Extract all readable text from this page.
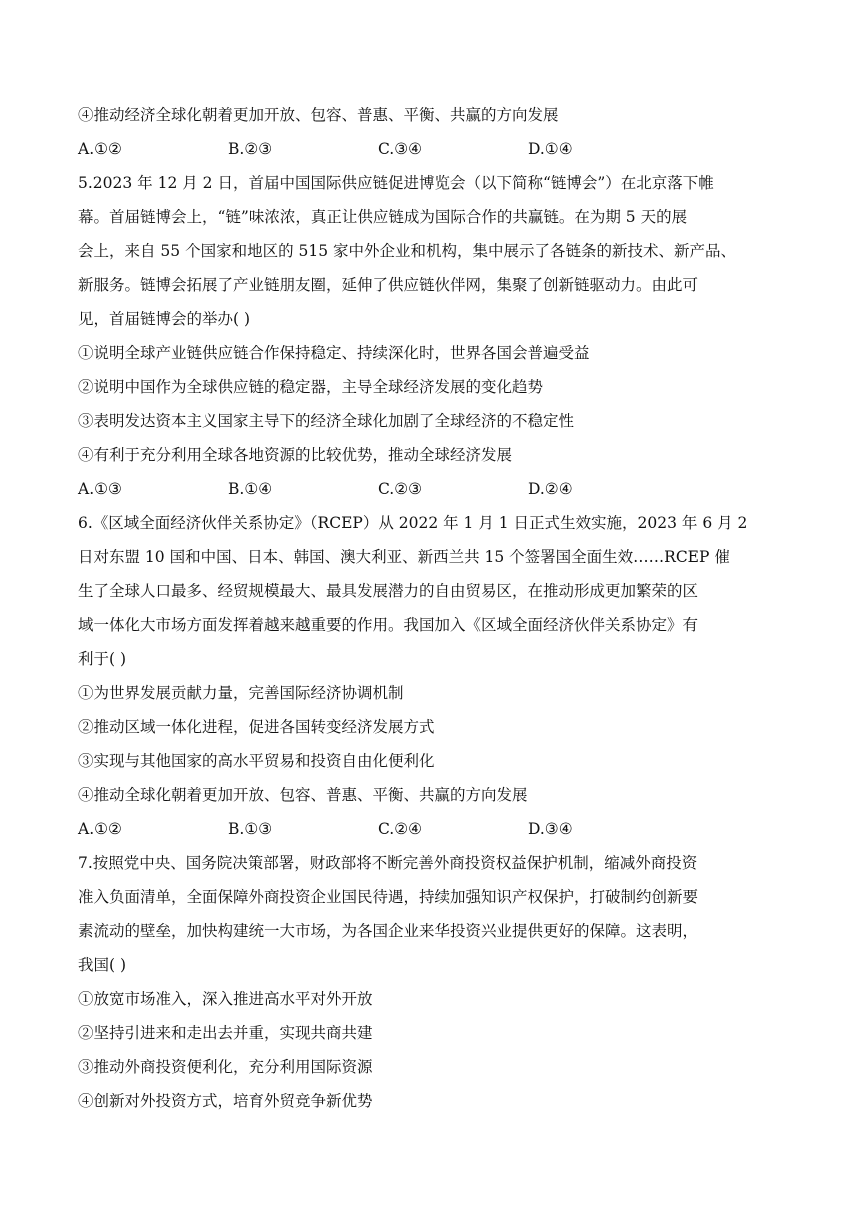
④推动经济全球化朝着更加开放、包容、普惠、平衡、共赢的方向发展
A.①②	B.②③	C.③④	D.①④
5.2023 年 12 月 2 日，首届中国国际供应链促进博览会（以下简称“链博会”）在北京落下帷
幕。首届链博会上，“链”味浓浓，真正让供应链成为国际合作的共赢链。在为期 5 天的展
会上，来自 55 个国家和地区的 515 家中外企业和机构，集中展示了各链条的新技术、新产品、
新服务。链博会拓展了产业链朋友圈，延伸了供应链伙伴网，集聚了创新链驱动力。由此可
见，首届链博会的举办( )
①说明全球产业链供应链合作保持稳定、持续深化时，世界各国会普遍受益
②说明中国作为全球供应链的稳定器，主导全球经济发展的变化趋势
③表明发达资本主义国家主导下的经济全球化加剧了全球经济的不稳定性
④有利于充分利用全球各地资源的比较优势，推动全球经济发展
A.①③	B.①④	C.②③	D.②④
6.《区域全面经济伙伴关系协定》（RCEP）从 2022 年 1 月 1 日正式生效实施，2023 年 6 月 2
日对东盟 10 国和中国、日本、韩国、澳大利亚、新西兰共 15 个签署国全面生效……RCEP 催
生了全球人口最多、经贸规模最大、最具发展潜力的自由贸易区，在推动形成更加繁荣的区
域一体化大市场方面发挥着越来越重要的作用。我国加入《区域全面经济伙伴关系协定》有
利于( )
①为世界发展贡献力量，完善国际经济协调机制
②推动区域一体化进程，促进各国转变经济发展方式
③实现与其他国家的高水平贸易和投资自由化便利化
④推动全球化朝着更加开放、包容、普惠、平衡、共赢的方向发展
A.①②	B.①③	C.②④	D.③④
7.按照党中央、国务院决策部署，财政部将不断完善外商投资权益保护机制，缩减外商投资
准入负面清单，全面保障外商投资企业国民待遇，持续加强知识产权保护，打破制约创新要
素流动的壁垒，加快构建统一大市场，为各国企业来华投资兴业提供更好的保障。这表明，
我国( )
①放宽市场准入，深入推进高水平对外开放
②坚持引进来和走出去并重，实现共商共建
③推动外商投资便利化，充分利用国际资源
④创新对外投资方式，培育外贸竞争新优势
